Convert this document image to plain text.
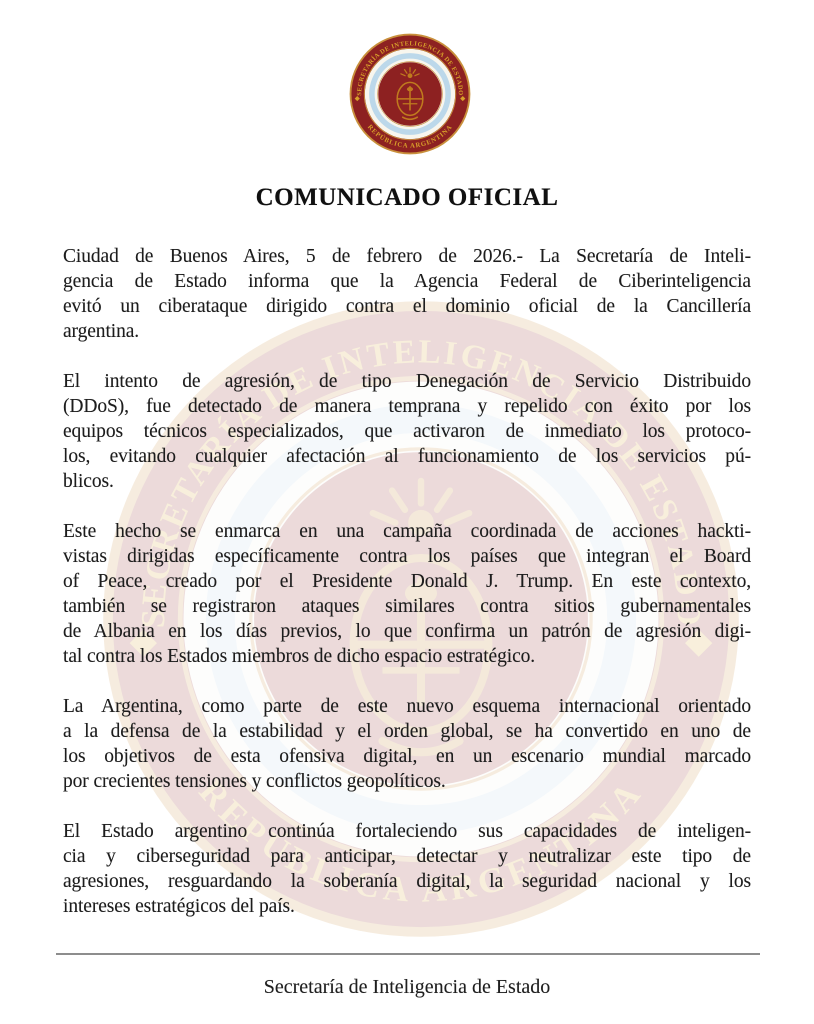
COMUNICADO OFICIAL
Ciudad de Buenos Aires, 5 de febrero de 2026.- La Secretaría de Inteli-
gencia de Estado informa que la Agencia Federal de Ciberinteligencia
evitó un ciberataque dirigido contra el dominio oficial de la Cancillería
argentina.
El intento de agresión, de tipo Denegación de Servicio Distribuido
(DDoS), fue detectado de manera temprana y repelido con éxito por los
equipos técnicos especializados, que activaron de inmediato los protoco-
los, evitando cualquier afectación al funcionamiento de los servicios pú-
blicos.
Este hecho se enmarca en una campaña coordinada de acciones hackti-
vistas dirigidas específicamente contra los países que integran el Board
of Peace, creado por el Presidente Donald J. Trump. En este contexto,
también se registraron ataques similares contra sitios gubernamentales
de Albania en los días previos, lo que confirma un patrón de agresión digi-
tal contra los Estados miembros de dicho espacio estratégico.
La Argentina, como parte de este nuevo esquema internacional orientado
a la defensa de la estabilidad y el orden global, se ha convertido en uno de
los objetivos de esta ofensiva digital, en un escenario mundial marcado
por crecientes tensiones y conflictos geopolíticos.
El Estado argentino continúa fortaleciendo sus capacidades de inteligen-
cia y ciberseguridad para anticipar, detectar y neutralizar este tipo de
agresiones, resguardando la soberanía digital, la seguridad nacional y los
intereses estratégicos del país.
Secretaría de Inteligencia de Estado
